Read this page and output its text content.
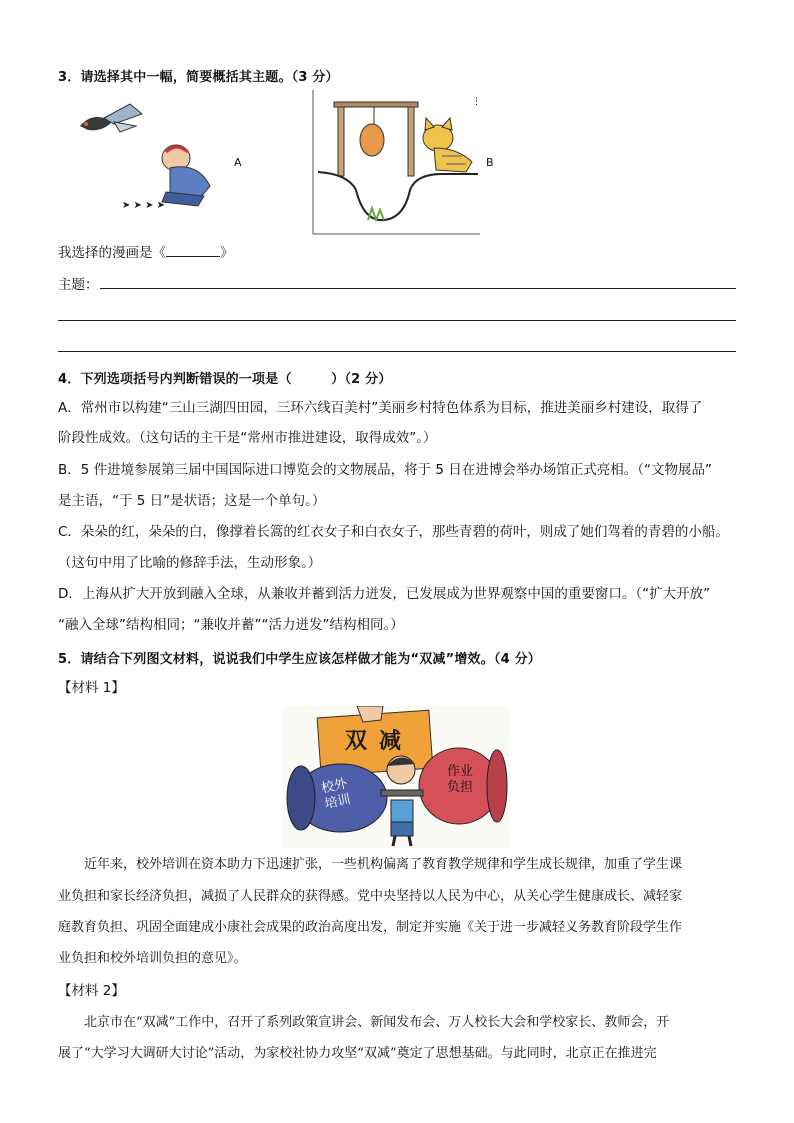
3．请选择其中一幅，简要概括其主题。（3 分）
➤ ➤ ➤ ➤
A
⋮
B
我选择的漫画是《	》
主题：
4．下列选项括号内判断错误的一项是（　　　）（2 分）
A．常州市以构建“三山三湖四田园，三环六线百美村”美丽乡村特色体系为目标，推进美丽乡村建设，取得了
阶段性成效。（这句话的主干是“常州市推进建设，取得成效”。）
B．5 件进境参展第三届中国国际进口博览会的文物展品，将于 5 日在进博会举办场馆正式亮相。（“文物展品”
是主语，“于 5 日”是状语；这是一个单句。）
C．朵朵的红，朵朵的白，像撑着长篙的红衣女子和白衣女子，那些青碧的荷叶，则成了她们驾着的青碧的小船。
（这句中用了比喻的修辞手法，生动形象。）
D．上海从扩大开放到融入全球，从兼收并蓄到活力迸发，已发展成为世界观察中国的重要窗口。（“扩大开放”
“融入全球”结构相同；“兼收并蓄”“活力迸发”结构相同。）
5．请结合下列图文材料，说说我们中学生应该怎样做才能为“双减”增效。（4 分）
【材料 1】
双减
校外培训
作业负担
近年来，校外培训在资本助力下迅速扩张，一些机构偏离了教育教学规律和学生成长规律，加重了学生课
业负担和家长经济负担，减损了人民群众的获得感。党中央坚持以人民为中心，从关心学生健康成长、减轻家
庭教育负担、巩固全面建成小康社会成果的政治高度出发，制定并实施《关于进一步减轻义务教育阶段学生作
业负担和校外培训负担的意见》。
【材料 2】
北京市在“双减”工作中，召开了系列政策宣讲会、新闻发布会、万人校长大会和学校家长、教师会，开
展了“大学习大调研大讨论”活动，为家校社协力攻坚“双减”奠定了思想基础。与此同时，北京正在推进完
